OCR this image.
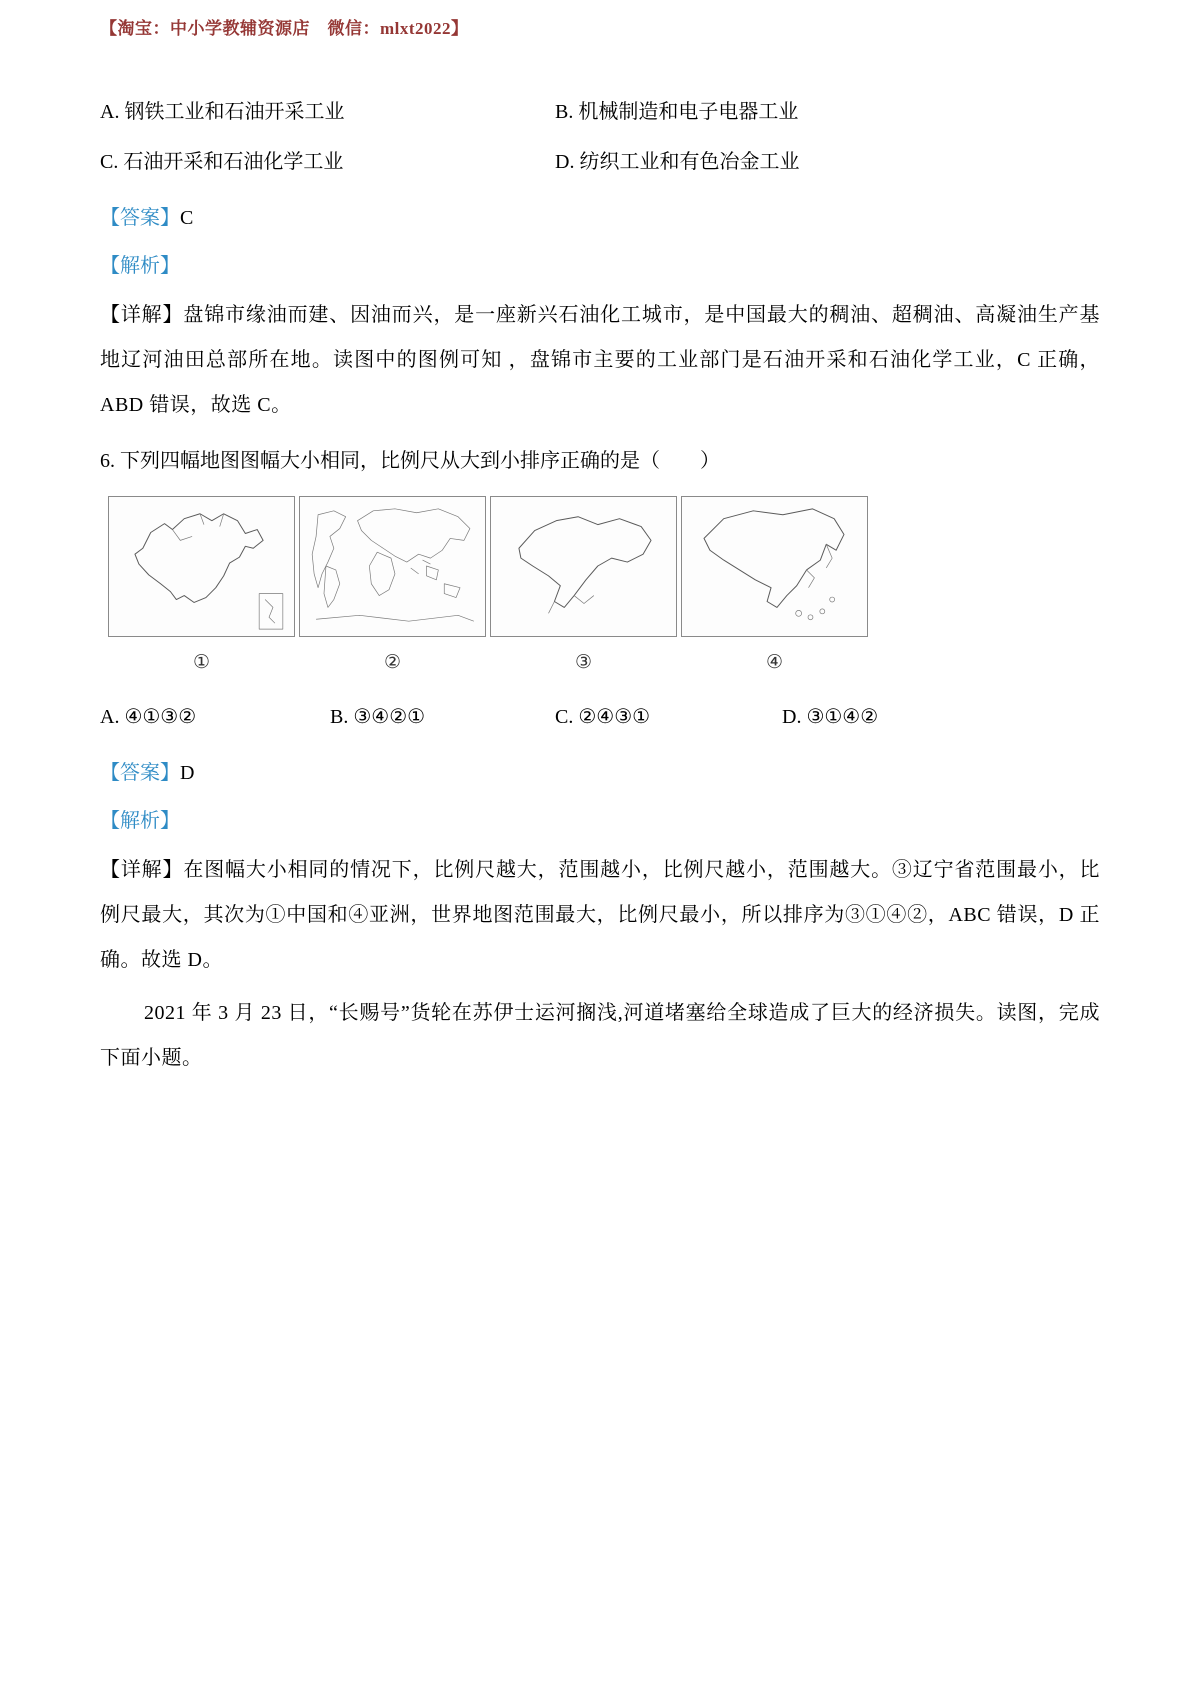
【淘宝：中小学教辅资源店　微信：mlxt2022】
A. 钢铁工业和石油开采工业	B. 机械制造和电子电器工业
C. 石油开采和石油化学工业	D. 纺织工业和有色冶金工业
【答案】C
【解析】
【详解】盘锦市缘油而建、因油而兴，是一座新兴石油化工城市，是中国最大的稠油、超稠油、高凝油生产基地辽河油田总部所在地。读图中的图例可知 ，盘锦市主要的工业部门是石油开采和石油化学工业，C 正确，ABD 错误，故选 C。
6. 下列四幅地图图幅大小相同，比例尺从大到小排序正确的是（　　）
①	②	③	④
A. ④①③②	B. ③④②①	C. ②④③①	D. ③①④②
【答案】D
【解析】
【详解】在图幅大小相同的情况下，比例尺越大，范围越小，比例尺越小，范围越大。③辽宁省范围最小，比例尺最大，其次为①中国和④亚洲，世界地图范围最大，比例尺最小，所以排序为③①④②，ABC 错误，D 正确。故选 D。
2021 年 3 月 23 日，“长赐号”货轮在苏伊士运河搁浅,河道堵塞给全球造成了巨大的经济损失。读图，完成下面小题。
